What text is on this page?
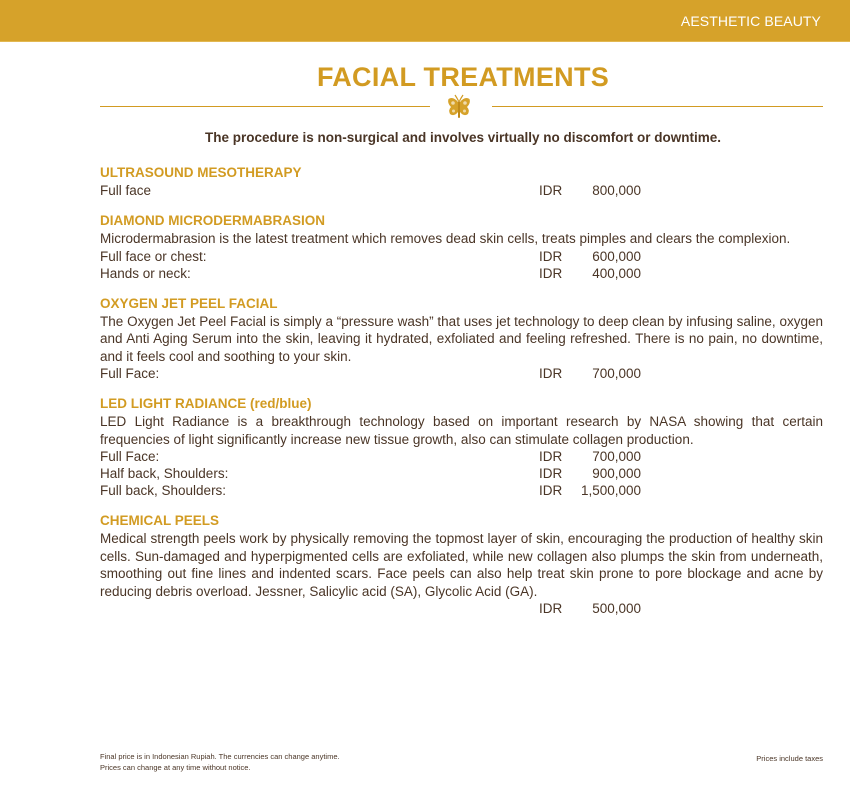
AESTHETIC BEAUTY
FACIAL TREATMENTS

The procedure is non-surgical and involves virtually no discomfort or downtime.

ULTRASOUND MESOTHERAPY
Full face	IDR	800,000
DIAMOND MICRODERMABRASION
Microdermabrasion is the latest treatment which removes dead skin cells, treats pimples and clears the complexion.
Full face or chest:	IDR	600,000
Hands or neck:	IDR	400,000
OXYGEN JET PEEL FACIAL
The Oxygen Jet Peel Facial is simply a “pressure wash” that uses jet technology to deep clean by infusing saline, oxygen and Anti Aging Serum into the skin, leaving it hydrated, exfoliated and feeling refreshed. There is no pain, no downtime, and it feels cool and soothing to your skin.
Full Face:	IDR	700,000
LED LIGHT RADIANCE (red/blue)
LED Light Radiance is a breakthrough technology based on important research by NASA showing that certain frequencies of light significantly increase new tissue growth, also can stimulate collagen production.
Full Face:	IDR	700,000
Half back, Shoulders:	IDR	900,000
Full back, Shoulders:	IDR	1,500,000
CHEMICAL PEELS
Medical strength peels work by physically removing the topmost layer of skin, encouraging the production of healthy skin cells. Sun-damaged and hyperpigmented cells are exfoliated, while new collagen also plumps the skin from underneath, smoothing out fine lines and indented scars. Face peels can also help treat skin prone to pore blockage and acne by reducing debris overload. Jessner, Salicylic acid (SA), Glycolic Acid (GA).
IDR	500,000
Final price is in Indonesian Rupiah. The currencies can change anytime.
Prices can change at any time without notice.
Prices include taxes
